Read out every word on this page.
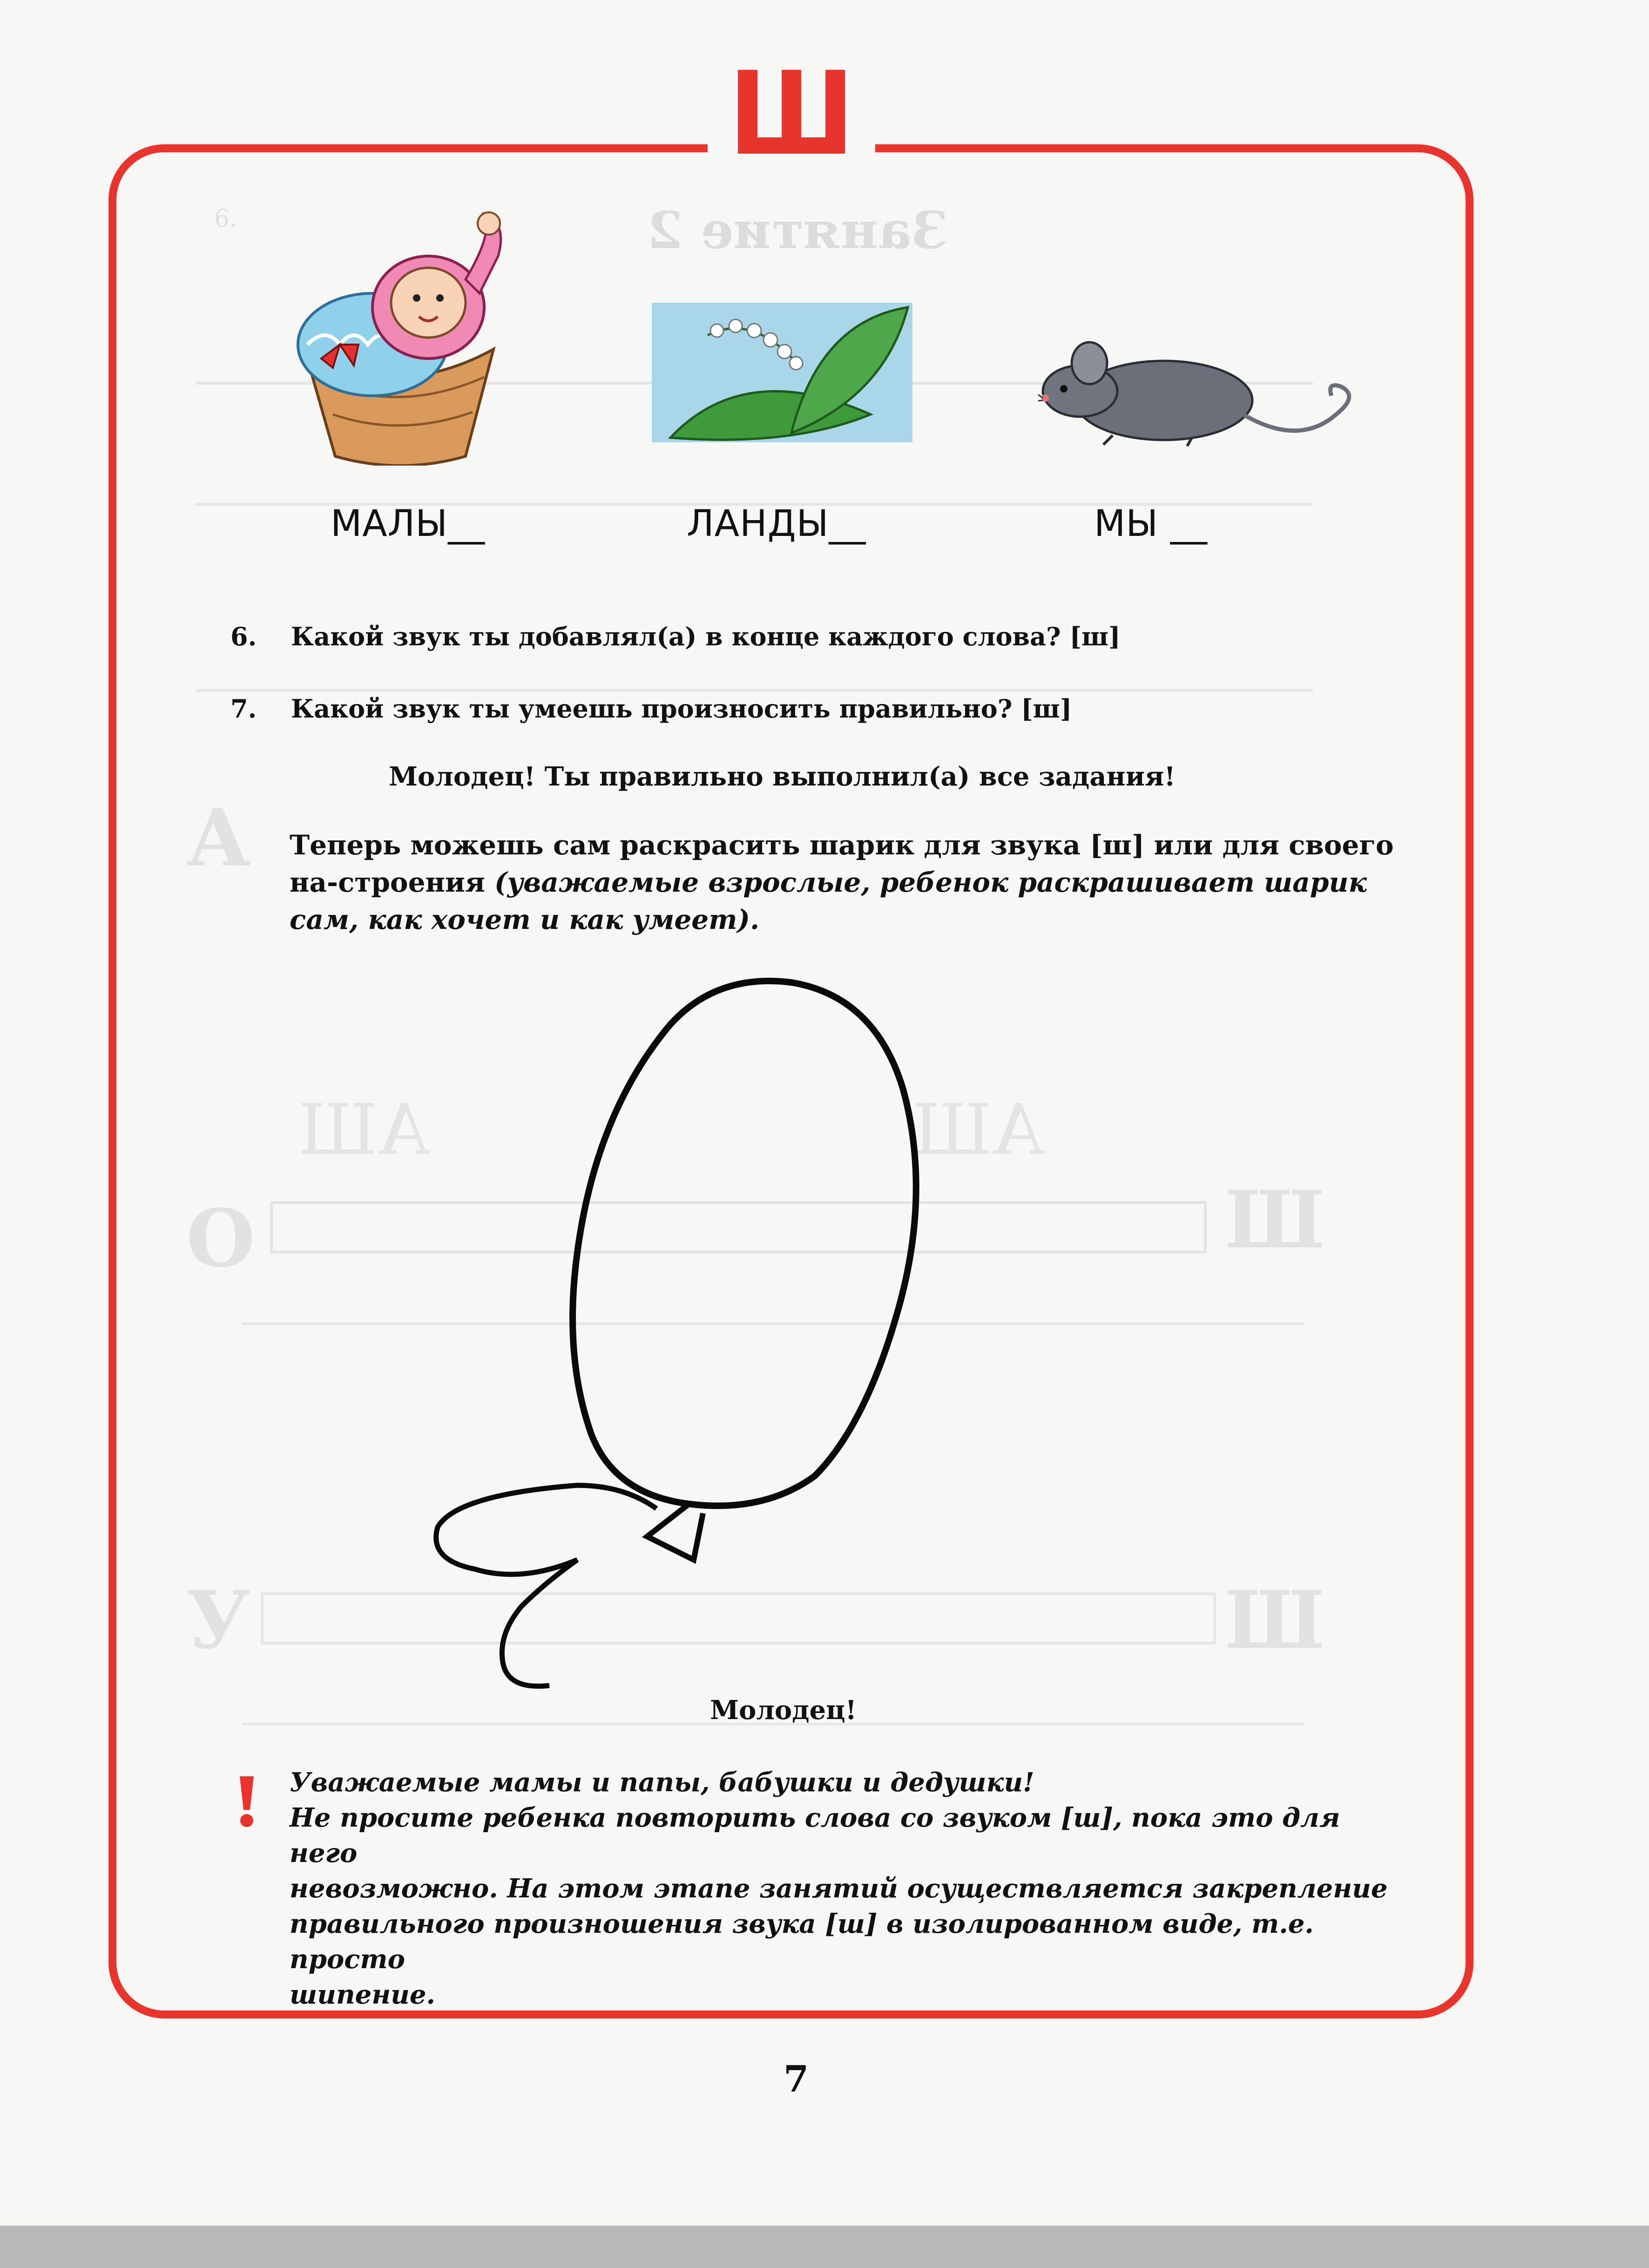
Занятие 2
6.
А
О
У
Ш
Ш
АШ	АШ
МАЛЫ__	ЛАНДЫ__	МЫ __
6. Какой звук ты добавлял(а) в конце каждого слова? [ш]
7. Какой звук ты умеешь произносить правильно? [ш]
Молодец! Ты правильно выполнил(а) все задания!
Теперь можешь сам раскрасить шарик для звука [ш] или для своего на-строения (уважаемые взрослые, ребенок раскрашивает шарик сам, как хочет и как умеет).
Молодец!
Уважаемые мамы и папы, бабушки и дедушки!
Не просите ребенка повторить слова со звуком [ш], пока это для него
невозможно. На этом этапе занятий осуществляется закрепление
правильного произношения звука [ш] в изолированном виде, т.е. просто
шипение.
7
